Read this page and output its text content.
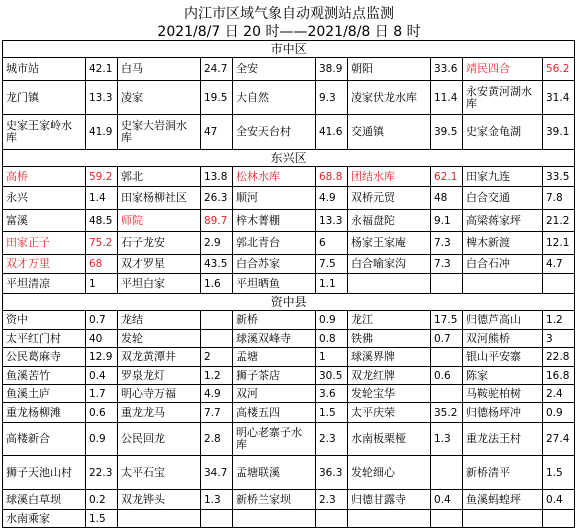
内江市区域气象自动观测站点监测
2021/8/7 日 20 时——2021/8/8 日 8 时
市中区									
城市站	42.1	白马	24.7	全安	38.9	朝阳	33.6	靖民四合	56.2
龙门镇	13.3	凌家	19.5	大自然	9.3	凌家伏龙水库	11.4	永安黄河湖水库	31.4
史家王家岭水库	41.9	史家大岩洞水库	47	全安天台村	41.6	交通镇	39.5	史家金龟湖	39.1
东兴区									
高桥	59.2	郭北	13.8	松林水库	68.8	团结水库	62.1	田家九连	33.5
永兴	1.4	田家杨柳社区	26.3	顺河	4.9	双桥元贸	48	白合交通	7.8
富溪	48.5	师院	89.7	梓木菁棚	13.3	永福盘陀	9.1	高梁蒋家坪	21.2
田家正子	75.2	石子龙安	2.9	郭北青台	6	杨家王家庵	7.3	椑木新渡	12.1
双才万里	68	双才罗星	43.5	白合苏家	7.5	白合喻家沟	7.3	白合石冲	4.7
平坦清凉	1	平坦白家	1.6	平坦晒鱼	1.1				
资中县									
资中	0.7	龙结		新桥	0.9	龙江	17.5	归德芦高山	1.2
太平红门村	40	发轮		球溪双峰寺	0.8	铁佛	0.7	双河熊桥	3
公民葛麻寺	12.9	双龙黄潭井	2	孟塘	1	球溪界牌		银山平安寨	22.8
鱼溪苦竹	0.4	罗泉龙灯	1.2	狮子茶店	30.5	双龙红牌	0.6	陈家	16.8
鱼溪土庐	1.7	明心寺万福	4.9	双河	3.6	发轮宝华		马鞍驼柏树	2.4
重龙杨柳滩	0.6	重龙龙马	7.7	高楼五四	1.5	太平庆荣	35.2	归德杨坪冲	0.9
高楼新合	0.9	公民回龙	2.8	明心老寨子水库	2.3	水南板栗桠	1.3	重龙法王村	27.4
狮子天池山村	22.3	太平石宝	34.7	孟塘联溪	36.3	发轮细心		新桥清平	1.5
球溪白草坝	0.2	双龙铧头	1.3	新桥兰家坝	2.3	归德甘露寺	0.4	鱼溪蚂蝗坪	0.4
水南乘家	1.5								
